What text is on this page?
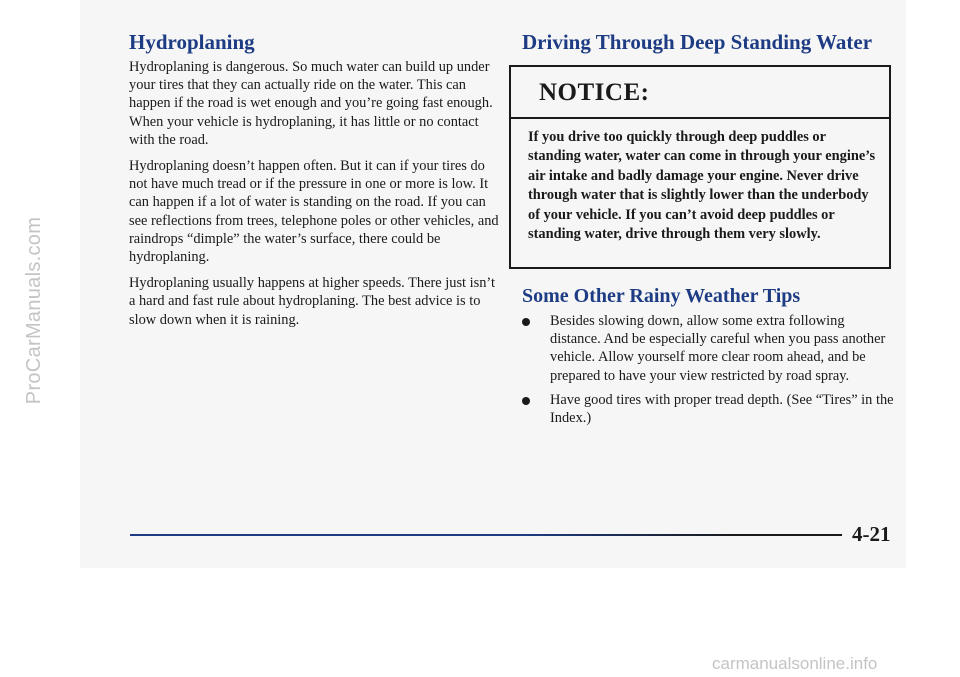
ProCarManuals.com
Hydroplaning

Hydroplaning is dangerous. So much water can build up under your tires that they can actually ride on the water. This can happen if the road is wet enough and you’re going fast enough. When your vehicle is hydroplaning, it has little or no contact with the road.

Hydroplaning doesn’t happen often. But it can if your tires do not have much tread or if the pressure in one or more is low. It can happen if a lot of water is standing on the road. If you can see reflections from trees, telephone poles or other vehicles, and raindrops “dimple” the water’s surface, there could be hydroplaning.

Hydroplaning usually happens at higher speeds. There just isn’t a hard and fast rule about hydroplaning. The best advice is to slow down when it is raining.

Driving Through Deep Standing Water
NOTICE:
If you drive too quickly through deep puddles or standing water, water can come in through your engine’s air intake and badly damage your engine. Never drive through water that is slightly lower than the underbody of your vehicle. If you can’t avoid deep puddles or standing water, drive through them very slowly.
Some Other Rainy Weather Tips
Besides slowing down, allow some extra following distance. And be especially careful when you pass another vehicle. Allow yourself more clear room ahead, and be prepared to have your view restricted by road spray.
Have good tires with proper tread depth. (See “Tires” in the Index.)
4-21
carmanualsonline.info
